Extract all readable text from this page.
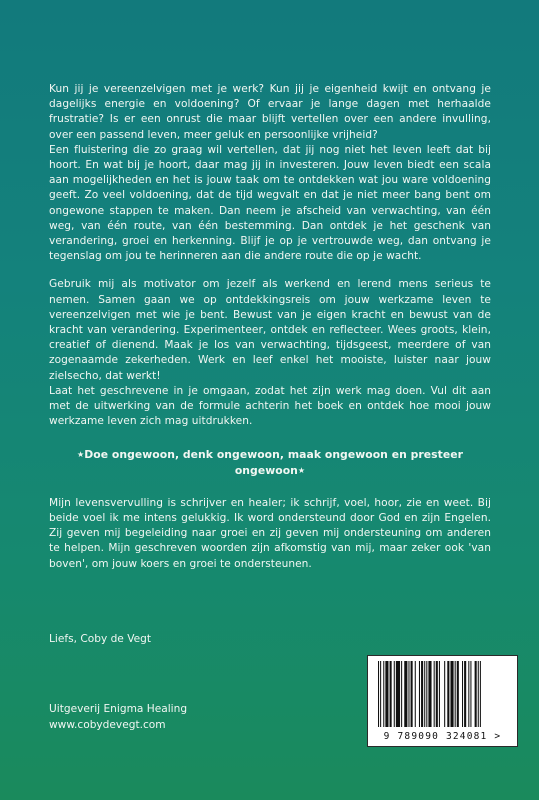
Kun jij je vereenzelvigen met je werk? Kun jij je eigenheid kwijt en ontvang je dagelijks energie en voldoening? Of ervaar je lange dagen met herhaalde frustratie? Is er een onrust die maar blijft vertellen over een andere invulling, over een passend leven, meer geluk en persoonlijke vrijheid?

Een fluistering die zo graag wil vertellen, dat jij nog niet het leven leeft dat bij hoort. En wat bij je hoort, daar mag jij in investeren. Jouw leven biedt een scala aan mogelijkheden en het is jouw taak om te ontdekken wat jou ware voldoening geeft. Zo veel voldoening, dat de tijd wegvalt en dat je niet meer bang bent om ongewone stappen te maken. Dan neem je afscheid van verwachting, van één weg, van één route, van één bestemming. Dan ontdek je het geschenk van verandering, groei en herkenning. Blijf je op je vertrouwde weg, dan ontvang je tegenslag om jou te herinneren aan die andere route die op je wacht.

Gebruik mij als motivator om jezelf als werkend en lerend mens serieus te nemen. Samen gaan we op ontdekkingsreis om jouw werkzame leven te vereenzelvigen met wie je bent. Bewust van je eigen kracht en bewust van de kracht van verandering. Experimenteer, ontdek en reflecteer. Wees groots, klein, creatief of dienend. Maak je los van verwachting, tijdsgeest, meerdere of van zogenaamde zekerheden. Werk en leef enkel het mooiste, luister naar jouw zielsecho, dat werkt!

Laat het geschrevene in je omgaan, zodat het zijn werk mag doen. Vul dit aan met de uitwerking van de formule achterin het boek en ontdek hoe mooi jouw werkzame leven zich mag uitdrukken.

★Doe ongewoon, denk ongewoon, maak ongewoon en presteer ongewoon★

Mijn levensvervulling is schrijver en healer; ik schrijf, voel, hoor, zie en weet. Bij beide voel ik me intens gelukkig. Ik word ondersteund door God en zijn Engelen. Zij geven mij begeleiding naar groei en zij geven mij ondersteuning om anderen te helpen. Mijn geschreven woorden zijn afkomstig van mij, maar zeker ook 'van boven', om jouw koers en groei te ondersteunen.

Liefs, Coby de Vegt
Uitgeverij Enigma Healing
www.cobydevegt.com
9 789090 324081 >
